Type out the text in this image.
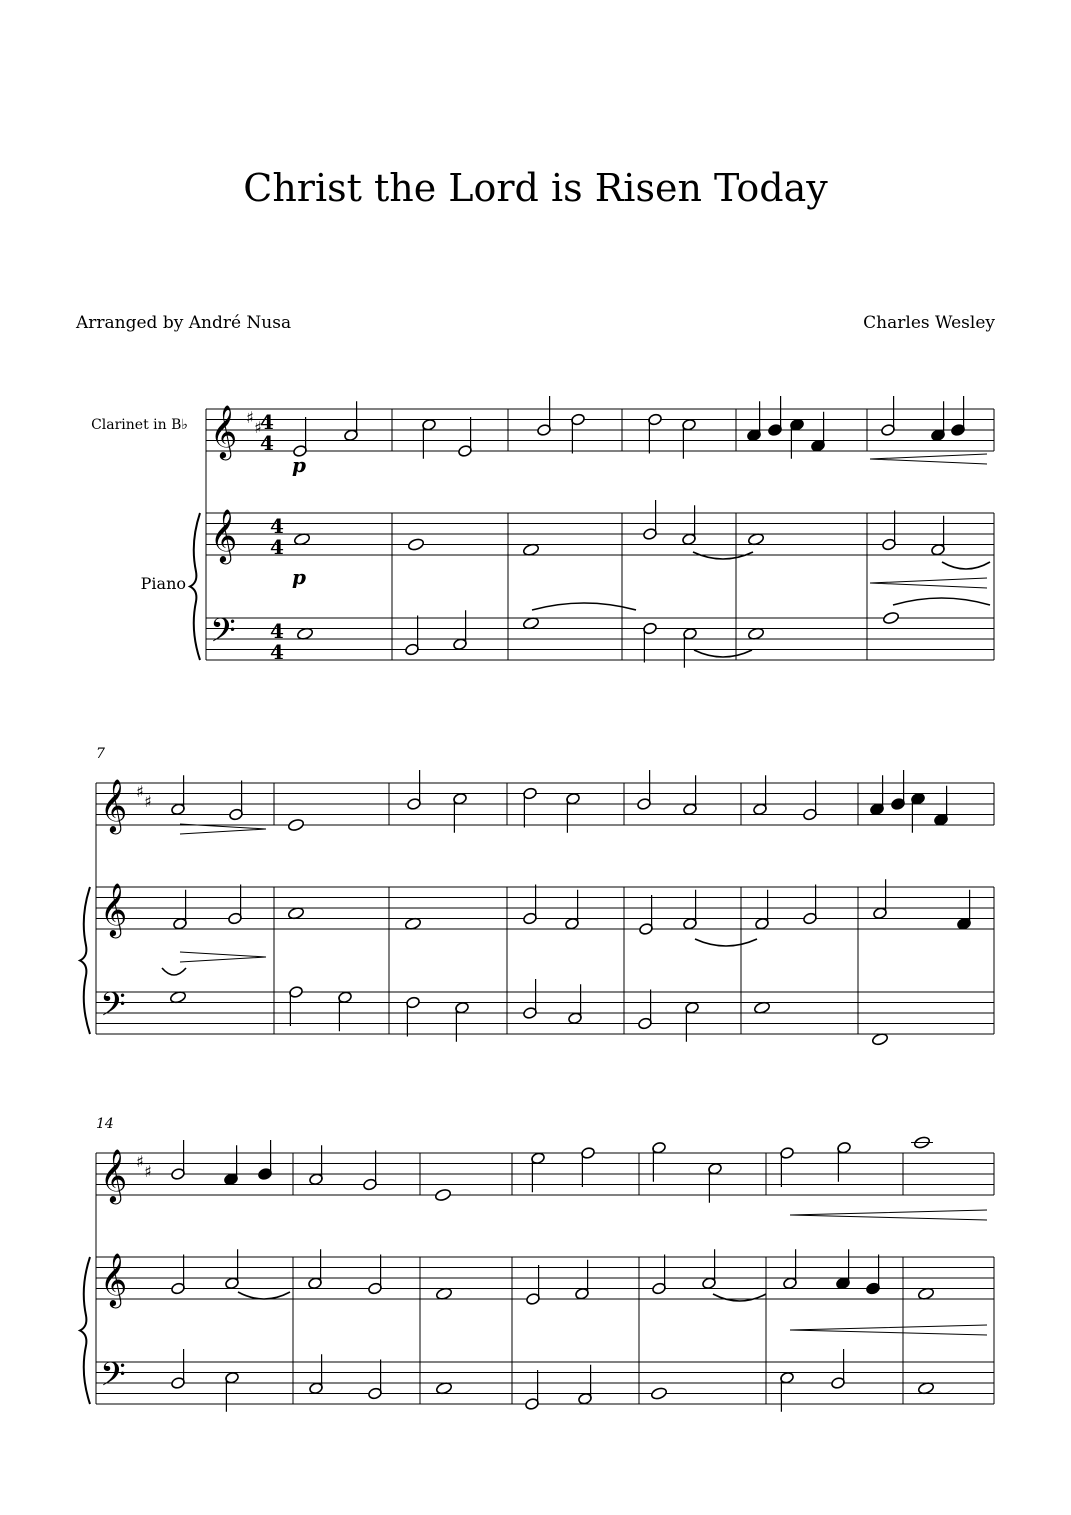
Christ the Lord is Risen Today
Arranged by André Nusa	Charles Wesley
Clarinet in B♭
Piano
7
14
𝄞
𝄞
𝄢
♯
♯
4
4
4
4
4
4
𝄞
𝄞
𝄢
♯
♯
𝄞
𝄞
𝄢
♯
♯
p
p
